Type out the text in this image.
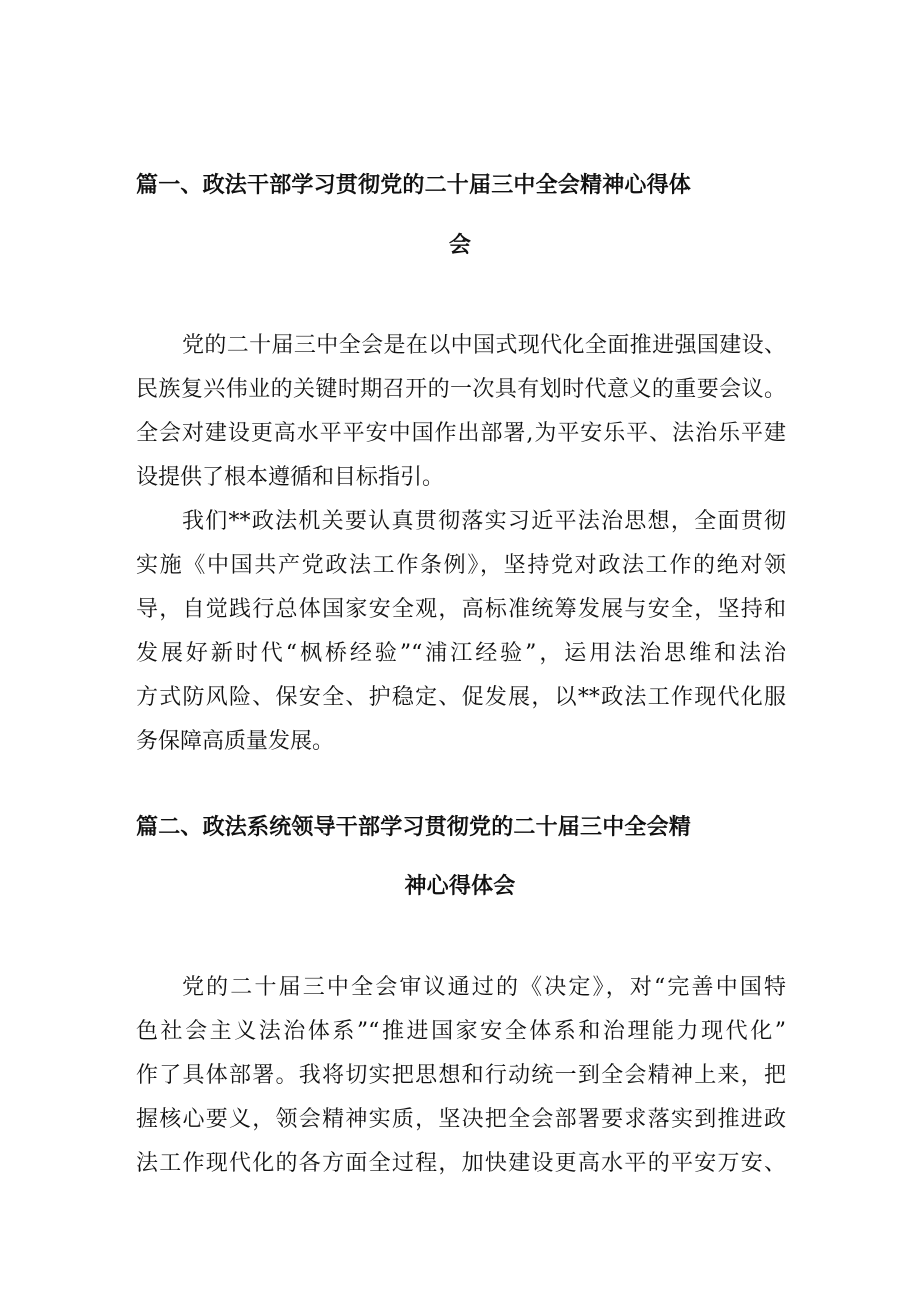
篇一、政法干部学习贯彻党的二十届三中全会精神心得体
会
党的二十届三中全会是在以中国式现代化全面推进强国建设、
民族复兴伟业的关键时期召开的一次具有划时代意义的重要会议。
全会对建设更高水平平安中国作出部署,为平安乐平、法治乐平建
设提供了根本遵循和目标指引。
我们**政法机关要认真贯彻落实习近平法治思想，全面贯彻
实施《中国共产党政法工作条例》，坚持党对政法工作的绝对领
导，自觉践行总体国家安全观，高标准统筹发展与安全，坚持和
发展好新时代“枫桥经验”“浦江经验”，运用法治思维和法治
方式防风险、保安全、护稳定、促发展，以**政法工作现代化服
务保障高质量发展。
篇二、政法系统领导干部学习贯彻党的二十届三中全会精
神心得体会
党的二十届三中全会审议通过的《决定》，对“完善中国特
色社会主义法治体系”“推进国家安全体系和治理能力现代化”
作了具体部署。我将切实把思想和行动统一到全会精神上来，把
握核心要义，领会精神实质，坚决把全会部署要求落实到推进政
法工作现代化的各方面全过程，加快建设更高水平的平安万安、
